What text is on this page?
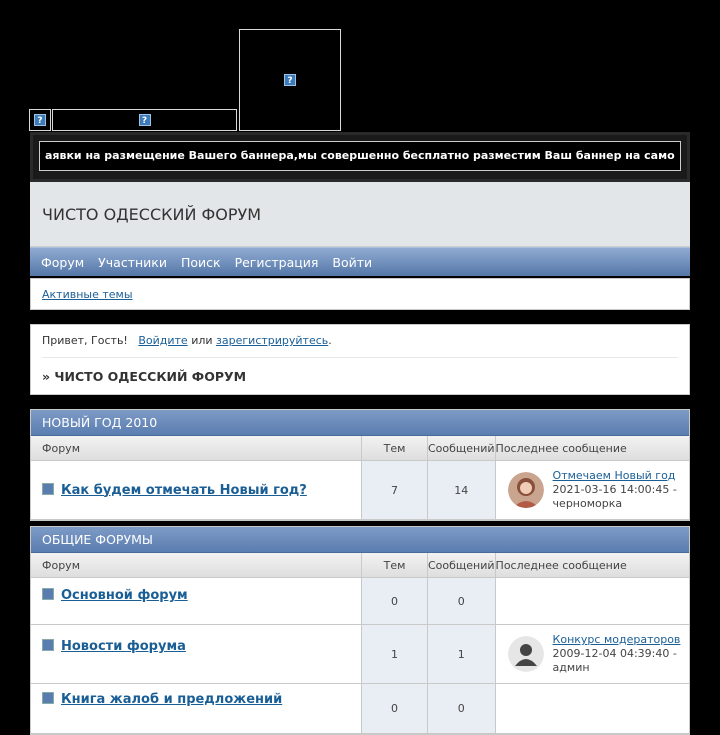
?
?	?
аявки на размещение Вашего баннера,мы совершенно бесплатно разместим Ваш баннер на само
ЧИСТО ОДЕССКИЙ ФОРУМ
Форум Участники Поиск Регистрация Войти
Активные темы
Привет, Гость! Войдите или зарегистрируйтесь.
» ЧИСТО ОДЕССКИЙ ФОРУМ
НОВЫЙ ГОД 2010
Форум	Тем	Сообщений	Последнее сообщение
Как будем отмечать Новый год?	7	14	Отмечаем Новый год
2021-03-16 14:00:45 -
черноморка
ОБЩИЕ ФОРУМЫ
Форум	Тем	Сообщений	Последнее сообщение
Основной форум	0	0	
Новости форума	1	1	Конкурс модераторов
2009-12-04 04:39:40 -
админ

Книга жалоб и предложений	0	0	
